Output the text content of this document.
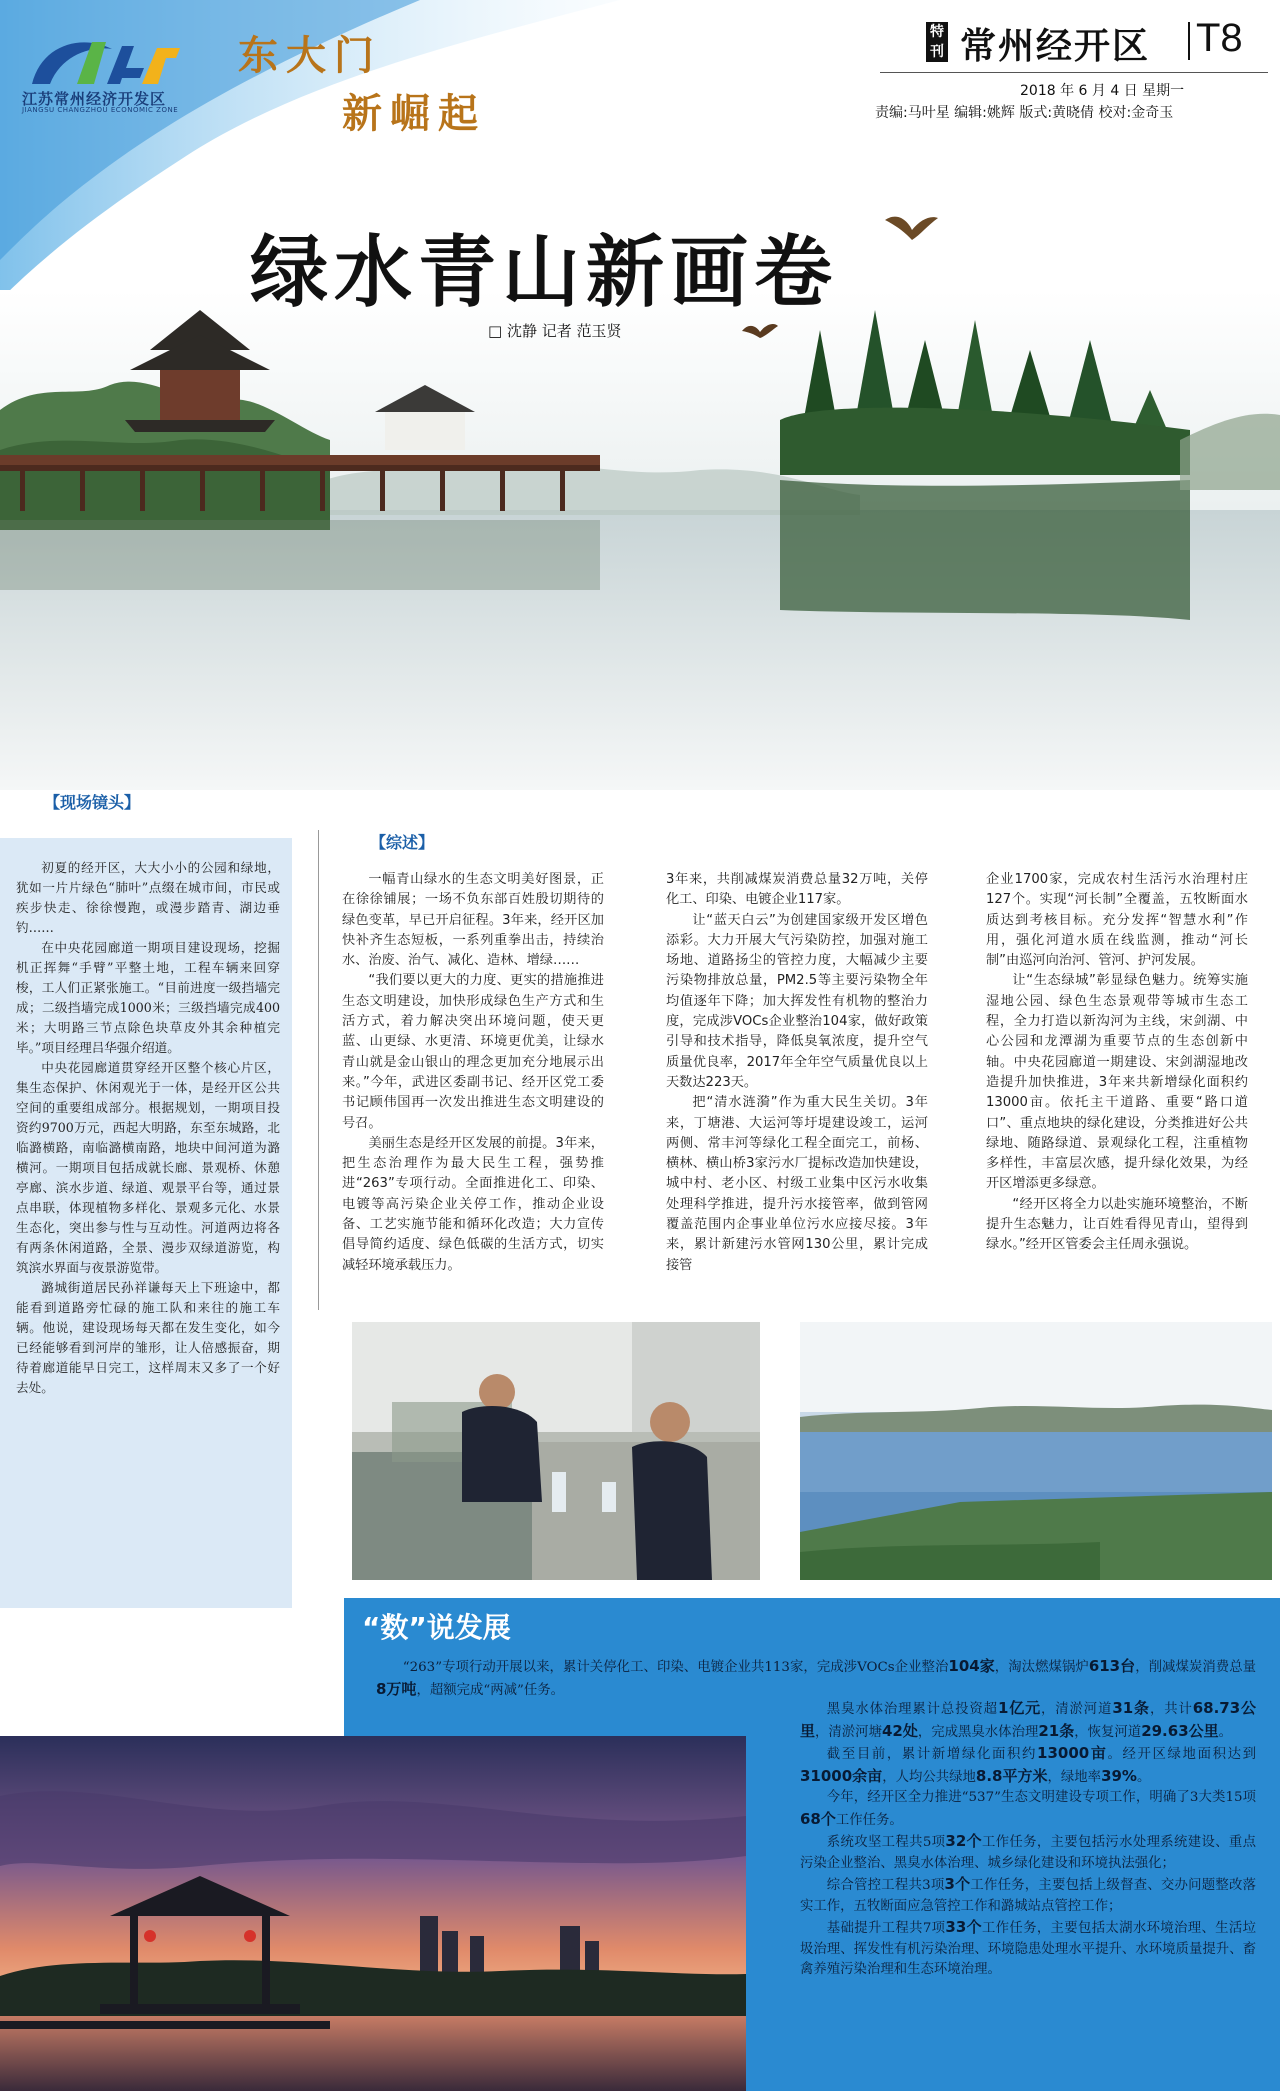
江苏常州经济开发区
JIANGSU CHANGZHOU ECONOMIC ZONE
东大门
新崛起
特刊 常州经开区 T8
2018 年 6 月 4 日 星期一
责编:马叶星 编辑:姚辉 版式:黄晓倩 校对:金奇玉
绿水青山新画卷
□ 沈静 记者 范玉贤
【现场镜头】
【综述】

初夏的经开区，大大小小的公园和绿地，犹如一片片绿色“肺叶”点缀在城市间，市民或疾步快走、徐徐慢跑，或漫步踏青、湖边垂钓……

在中央花园廊道一期项目建设现场，挖掘机正挥舞“手臂”平整土地，工程车辆来回穿梭，工人们正紧张施工。“目前进度一级挡墙完成；二级挡墙完成1000米；三级挡墙完成400米；大明路三节点除色块草皮外其余种植完毕。”项目经理吕华强介绍道。

中央花园廊道贯穿经开区整个核心片区，集生态保护、休闲观光于一体，是经开区公共空间的重要组成部分。根据规划，一期项目投资约9700万元，西起大明路，东至东城路，北临潞横路，南临潞横南路，地块中间河道为潞横河。一期项目包括成就长廊、景观桥、休憩亭廊、滨水步道、绿道、观景平台等，通过景点串联，体现植物多样化、景观多元化、水景生态化，突出参与性与互动性。河道两边将各有两条休闲道路，全景、漫步双绿道游览，构筑滨水界面与夜景游览带。

潞城街道居民孙祥谦每天上下班途中，都能看到道路旁忙碌的施工队和来往的施工车辆。他说，建设现场每天都在发生变化，如今已经能够看到河岸的雏形，让人倍感振奋，期待着廊道能早日完工，这样周末又多了一个好去处。

一幅青山绿水的生态文明美好图景，正在徐徐铺展；一场不负东部百姓殷切期待的绿色变革，早已开启征程。3年来，经开区加快补齐生态短板，一系列重拳出击，持续治水、治废、治气、减化、造林、增绿……

“我们要以更大的力度、更实的措施推进生态文明建设，加快形成绿色生产方式和生活方式，着力解决突出环境问题，使天更蓝、山更绿、水更清、环境更优美，让绿水青山就是金山银山的理念更加充分地展示出来。”今年，武进区委副书记、经开区党工委书记顾伟国再一次发出推进生态文明建设的号召。

美丽生态是经开区发展的前提。3年来，把生态治理作为最大民生工程，强势推进“263”专项行动。全面推进化工、印染、电镀等高污染企业关停工作，推动企业设备、工艺实施节能和循环化改造；大力宣传倡导简约适度、绿色低碳的生活方式，切实减轻环境承载压力。

3年来，共削减煤炭消费总量32万吨，关停化工、印染、电镀企业117家。

让“蓝天白云”为创建国家级开发区增色添彩。大力开展大气污染防控，加强对施工场地、道路扬尘的管控力度，大幅减少主要污染物排放总量，PM2.5等主要污染物全年均值逐年下降；加大挥发性有机物的整治力度，完成涉VOCs企业整治104家，做好政策引导和技术指导，降低臭氧浓度，提升空气质量优良率，2017年全年空气质量优良以上天数达223天。

把“清水涟漪”作为重大民生关切。3年来，丁塘港、大运河等圩堤建设竣工，运河两侧、常丰河等绿化工程全面完工，前杨、横林、横山桥3家污水厂提标改造加快建设，城中村、老小区、村级工业集中区污水收集处理科学推进，提升污水接管率，做到管网覆盖范围内企事业单位污水应接尽接。3年来，累计新建污水管网130公里，累计完成接管

企业1700家，完成农村生活污水治理村庄127个。实现“河长制”全覆盖，五牧断面水质达到考核目标。充分发挥“智慧水利”作用，强化河道水质在线监测，推动“河长制”由巡河向治河、管河、护河发展。

让“生态绿城”彰显绿色魅力。统筹实施湿地公园、绿色生态景观带等城市生态工程，全力打造以新沟河为主线，宋剑湖、中心公园和龙潭湖为重要节点的生态创新中轴。中央花园廊道一期建设、宋剑湖湿地改造提升加快推进，3年来共新增绿化面积约13000亩。依托主干道路、重要“路口道口”、重点地块的绿化建设，分类推进好公共绿地、随路绿道、景观绿化工程，注重植物多样性，丰富层次感，提升绿化效果，为经开区增添更多绿意。

“经开区将全力以赴实施环境整治，不断提升生态魅力，让百姓看得见青山，望得到绿水。”经开区管委会主任周永强说。

“数”说发展
“263”专项行动开展以来，累计关停化工、印染、电镀企业共113家，完成涉VOCs企业整治104家，淘汰燃煤锅炉613台，削减煤炭消费总量8万吨，超额完成“两减”任务。

黑臭水体治理累计总投资超1亿元，清淤河道31条，共计68.73公里，清淤河塘42处，完成黑臭水体治理21条，恢复河道29.63公里。

截至目前，累计新增绿化面积约13000亩。经开区绿地面积达到31000余亩，人均公共绿地8.8平方米，绿地率39%。

今年，经开区全力推进“537”生态文明建设专项工作，明确了3大类15项68个工作任务。

系统攻坚工程共5项32个工作任务，主要包括污水处理系统建设、重点污染企业整治、黑臭水体治理、城乡绿化建设和环境执法强化；

综合管控工程共3项3个工作任务，主要包括上级督查、交办问题整改落实工作，五牧断面应急管控工作和潞城站点管控工作；

基础提升工程共7项33个工作任务，主要包括太湖水环境治理、生活垃圾治理、挥发性有机污染治理、环境隐患处理水平提升、水环境质量提升、畜禽养殖污染治理和生态环境治理。
